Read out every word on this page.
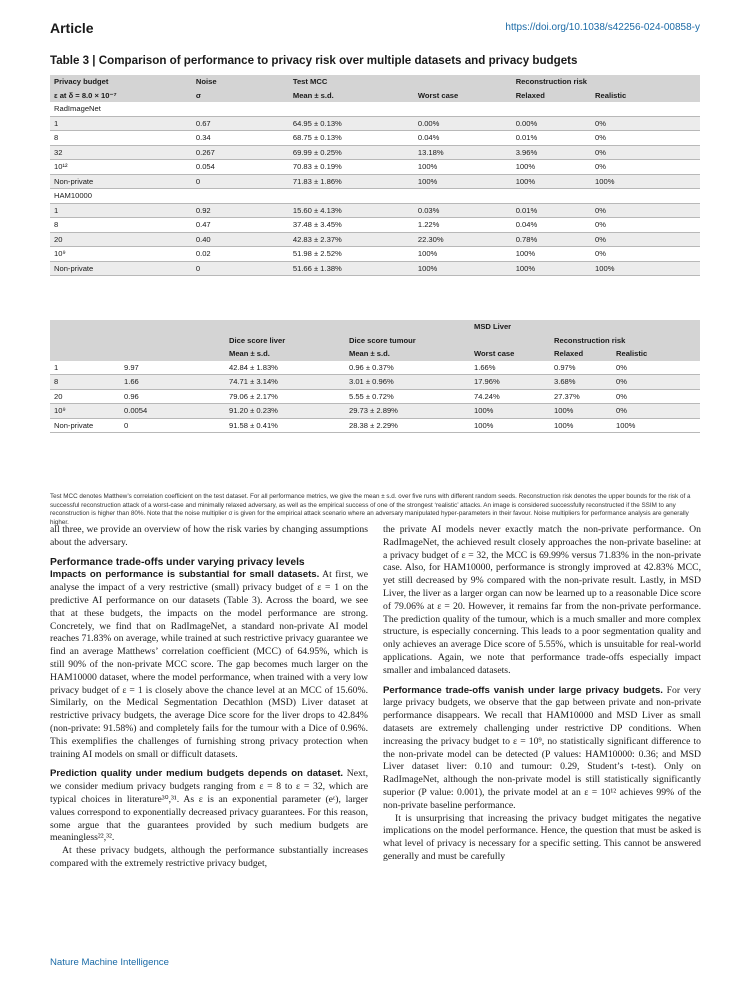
Article	https://doi.org/10.1038/s42256-024-00858-y
Table 3 | Comparison of performance to privacy risk over multiple datasets and privacy budgets
Privacy budget	Noise	Test MCC		Reconstruction risk	
ε at δ = 8.0 × 10⁻⁷	σ	Mean ± s.d.	Worst case	Relaxed	Realistic
RadImageNet					
1	0.67	64.95 ± 0.13%	0.00%	0.00%	0%
8	0.34	68.75 ± 0.13%	0.04%	0.01%	0%
32	0.267	69.99 ± 0.25%	13.18%	3.96%	0%
10¹²	0.054	70.83 ± 0.19%	100%	100%	0%
Non-private	0	71.83 ± 1.86%	100%	100%	100%
HAM10000					
1	0.92	15.60 ± 4.13%	0.03%	0.01%	0%
8	0.47	37.48 ± 3.45%	1.22%	0.04%	0%
20	0.40	42.83 ± 2.37%	22.30%	0.78%	0%
10⁹	0.02	51.98 ± 2.52%	100%	100%	0%
Non-private	0	51.66 ± 1.38%	100%	100%	100%
				MSD Liver		
		Dice score liver	Dice score tumour		Reconstruction risk	
		Mean ± s.d.	Mean ± s.d.	Worst case	Relaxed	Realistic
1	9.97	42.84 ± 1.83%	0.96 ± 0.37%	1.66%	0.97%	0%
8	1.66	74.71 ± 3.14%	3.01 ± 0.96%	17.96%	3.68%	0%
20	0.96	79.06 ± 2.17%	5.55 ± 0.72%	74.24%	27.37%	0%
10⁹	0.0054	91.20 ± 0.23%	29.73 ± 2.89%	100%	100%	0%
Non-private	0	91.58 ± 0.41%	28.38 ± 2.29%	100%	100%	100%
Test MCC denotes Matthew’s correlation coefficient on the test dataset. For all performance metrics, we give the mean ± s.d. over five runs with different random seeds. Reconstruction risk denotes the upper bounds for the risk of a successful reconstruction attack of a worst-case and minimally relaxed adversary, as well as the empirical success of one of the strongest ‘realistic’ attacks. An image is considered successfully reconstructed if the SSIM to any reconstruction is higher than 80%. Note that the noise multiplier σ is given for the empirical attack scenario where an adversary manipulated hyper-parameters in their favour. Noise multipliers for performance analysis are generally higher.

all three, we provide an overview of how the risk varies by changing assumptions about the adversary.

Performance trade-offs under varying privacy levels

Impacts on performance is substantial for small datasets. At first, we analyse the impact of a very restrictive (small) privacy budget of ε = 1 on the predictive AI performance on our datasets (Table 3). Across the board, we see that at these budgets, the impacts on the model performance are strong. Concretely, we find that on RadImageNet, a standard non-private AI model reaches 71.83% on average, while trained at such restrictive privacy guarantee we find an average Matthews’ correlation coefficient (MCC) of 64.95%, which is still 90% of the non-private MCC score. The gap becomes much larger on the HAM10000 dataset, where the model performance, when trained with a very low privacy budget of ε = 1 is closely above the chance level at an MCC of 15.60%. Similarly, on the Medical Segmentation Decathlon (MSD) Liver dataset at restrictive privacy budgets, the average Dice score for the liver drops to 42.84% (non-private: 91.58%) and completely fails for the tumour with a Dice of 0.96%. This exemplifies the challenges of furnishing strong privacy protection when training AI models on small or difficult datasets.

Prediction quality under medium budgets depends on dataset. Next, we consider medium privacy budgets ranging from ε = 8 to ε = 32, which are typical choices in literature³⁰,³¹. As ε is an exponential parameter (eᵋ), larger values correspond to exponentially decreased privacy guarantees. For this reason, some argue that the guarantees provided by such medium budgets are meaningless²²,³².

At these privacy budgets, although the performance substantially increases compared with the extremely restrictive privacy budget,

the private AI models never exactly match the non-private performance. On RadImageNet, the achieved result closely approaches the non-private baseline: at a privacy budget of ε = 32, the MCC is 69.99% versus 71.83% in the non-private case. Also, for HAM10000, performance is strongly improved at 42.83% MCC, yet still decreased by 9% compared with the non-private result. Lastly, in MSD Liver, the liver as a larger organ can now be learned up to a reasonable Dice score of 79.06% at ε = 20. However, it remains far from the non-private performance. The prediction quality of the tumour, which is a much smaller and more complex structure, is especially concerning. This leads to a poor segmentation quality and only achieves an average Dice score of 5.55%, which is unsuitable for real-world applications. Again, we note that performance trade-offs especially impact smaller and imbalanced datasets.

Performance trade-offs vanish under large privacy budgets. For very large privacy budgets, we observe that the gap between private and non-private performance disappears. We recall that HAM10000 and MSD Liver as small datasets are extremely challenging under restrictive DP conditions. When increasing the privacy budget to ε = 10⁹, no statistically significant difference to the non-private model can be detected (P values: HAM10000: 0.36; and MSD Liver dataset liver: 0.10 and tumour: 0.29, Student’s t-test). Only on RadImageNet, although the non-private model is still statistically significantly superior (P value: 0.001), the private model at an ε = 10¹² achieves 99% of the non-private baseline performance.

It is unsurprising that increasing the privacy budget mitigates the negative implications on the model performance. Hence, the question that must be asked is what level of privacy is necessary for a specific setting. This cannot be answered generally and must be carefully

Nature Machine Intelligence
